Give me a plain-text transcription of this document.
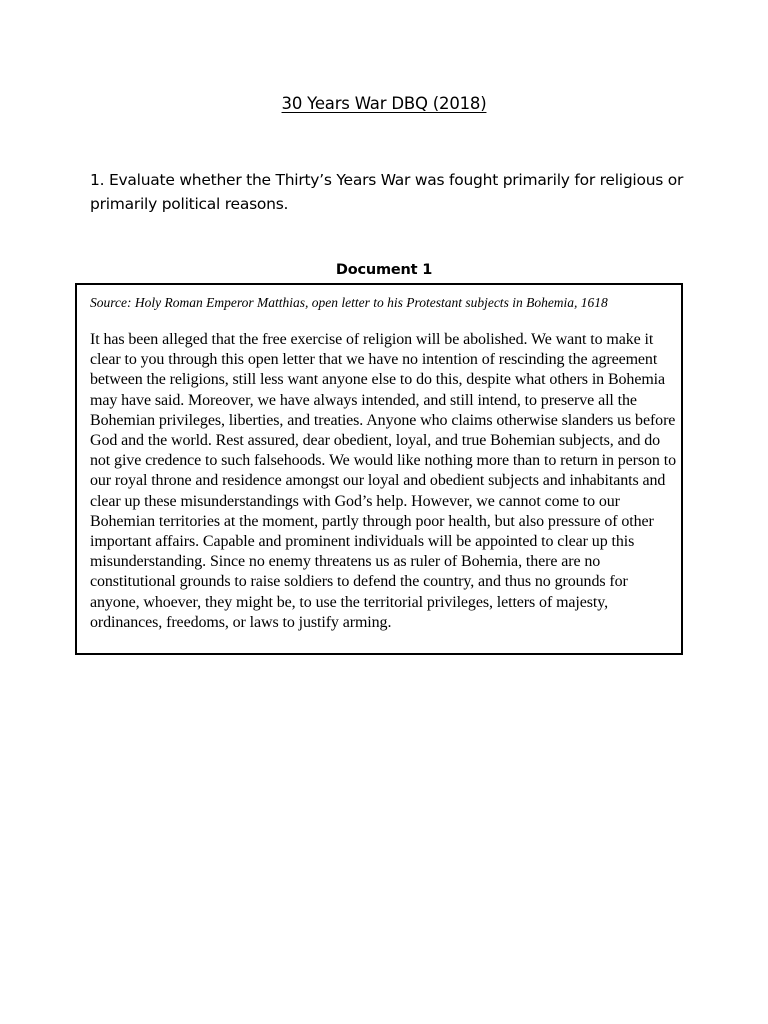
30 Years War DBQ (2018)
1. Evaluate whether the Thirty’s Years War was fought primarily for religious or primarily political reasons.
Document 1
Source: Holy Roman Emperor Matthias, open letter to his Protestant subjects in Bohemia, 1618
It has been alleged that the free exercise of religion will be abolished. We want to make it clear to you through this open letter that we have no intention of rescinding the agreement between the religions, still less want anyone else to do this, despite what others in Bohemia may have said. Moreover, we have always intended, and still intend, to preserve all the Bohemian privileges, liberties, and treaties. Anyone who claims otherwise slanders us before God and the world. Rest assured, dear obedient, loyal, and true Bohemian subjects, and do not give credence to such falsehoods. We would like nothing more than to return in person to our royal throne and residence amongst our loyal and obedient subjects and inhabitants and clear up these misunderstandings with God’s help. However, we cannot come to our Bohemian territories at the moment, partly through poor health, but also pressure of other important affairs. Capable and prominent individuals will be appointed to clear up this misunderstanding. Since no enemy threatens us as ruler of Bohemia, there are no constitutional grounds to raise soldiers to defend the country, and thus no grounds for anyone, whoever, they might be, to use the territorial privileges, letters of majesty, ordinances, freedoms, or laws to justify arming.
